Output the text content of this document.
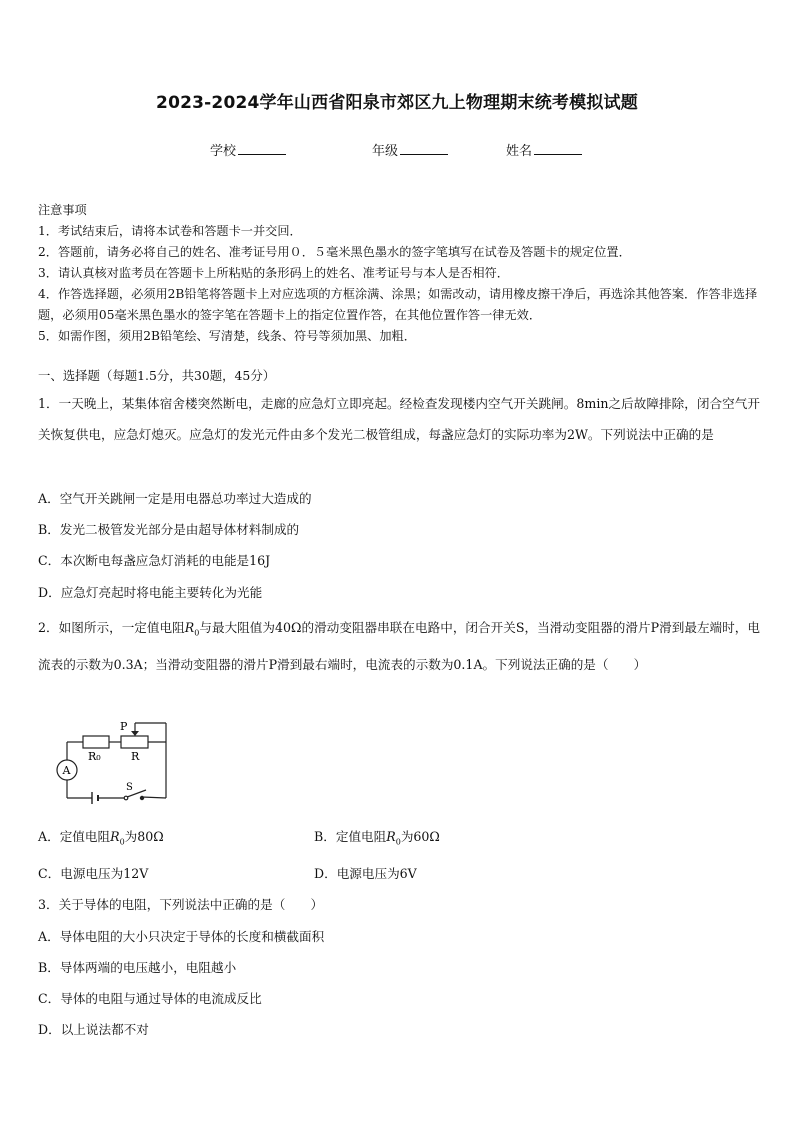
2023-2024学年山西省阳泉市郊区九上物理期末统考模拟试题
学校	年级	姓名
注意事项
1．考试结束后，请将本试卷和答题卡一并交回．
2．答题前，请务必将自己的姓名、准考证号用０．５毫米黑色墨水的签字笔填写在试卷及答题卡的规定位置．
3．请认真核对监考员在答题卡上所粘贴的条形码上的姓名、准考证号与本人是否相符．
4．作答选择题，必须用2B铅笔将答题卡上对应选项的方框涂满、涂黑；如需改动，请用橡皮擦干净后，再选涂其他答案．作答非选择题，必须用05毫米黑色墨水的签字笔在答题卡上的指定位置作答，在其他位置作答一律无效．
5．如需作图，须用2B铅笔绘、写清楚，线条、符号等须加黑、加粗．
一、选择题（每题1.5分，共30题，45分）
1．一天晚上，某集体宿舍楼突然断电，走廊的应急灯立即亮起。经检查发现楼内空气开关跳闸。8min之后故障排除，闭合空气开关恢复供电，应急灯熄灭。应急灯的发光元件由多个发光二极管组成，每盏应急灯的实际功率为2W。下列说法中正确的是
A．空气开关跳闸一定是用电器总功率过大造成的
B．发光二极管发光部分是由超导体材料制成的
C．本次断电每盏应急灯消耗的电能是16J
D．应急灯亮起时将电能主要转化为光能
2．如图所示，一定值电阻$R_0$与最大阻值为40Ω的滑动变阻器串联在电路中，闭合开关S，当滑动变阻器的滑片P滑到最左端时，电流表的示数为0.3A；当滑动变阻器的滑片P滑到最右端时，电流表的示数为0.1A。下列说法正确的是（　　）
P
R₀	R
A
S
A．定值电阻$R_0$为80Ω	B．定值电阻$R_0$为60Ω
C．电源电压为12V	D．电源电压为6V
3．关于导体的电阻，下列说法中正确的是（　　）
A．导体电阻的大小只决定于导体的长度和横截面积
B．导体两端的电压越小，电阻越小
C．导体的电阻与通过导体的电流成反比
D．以上说法都不对
